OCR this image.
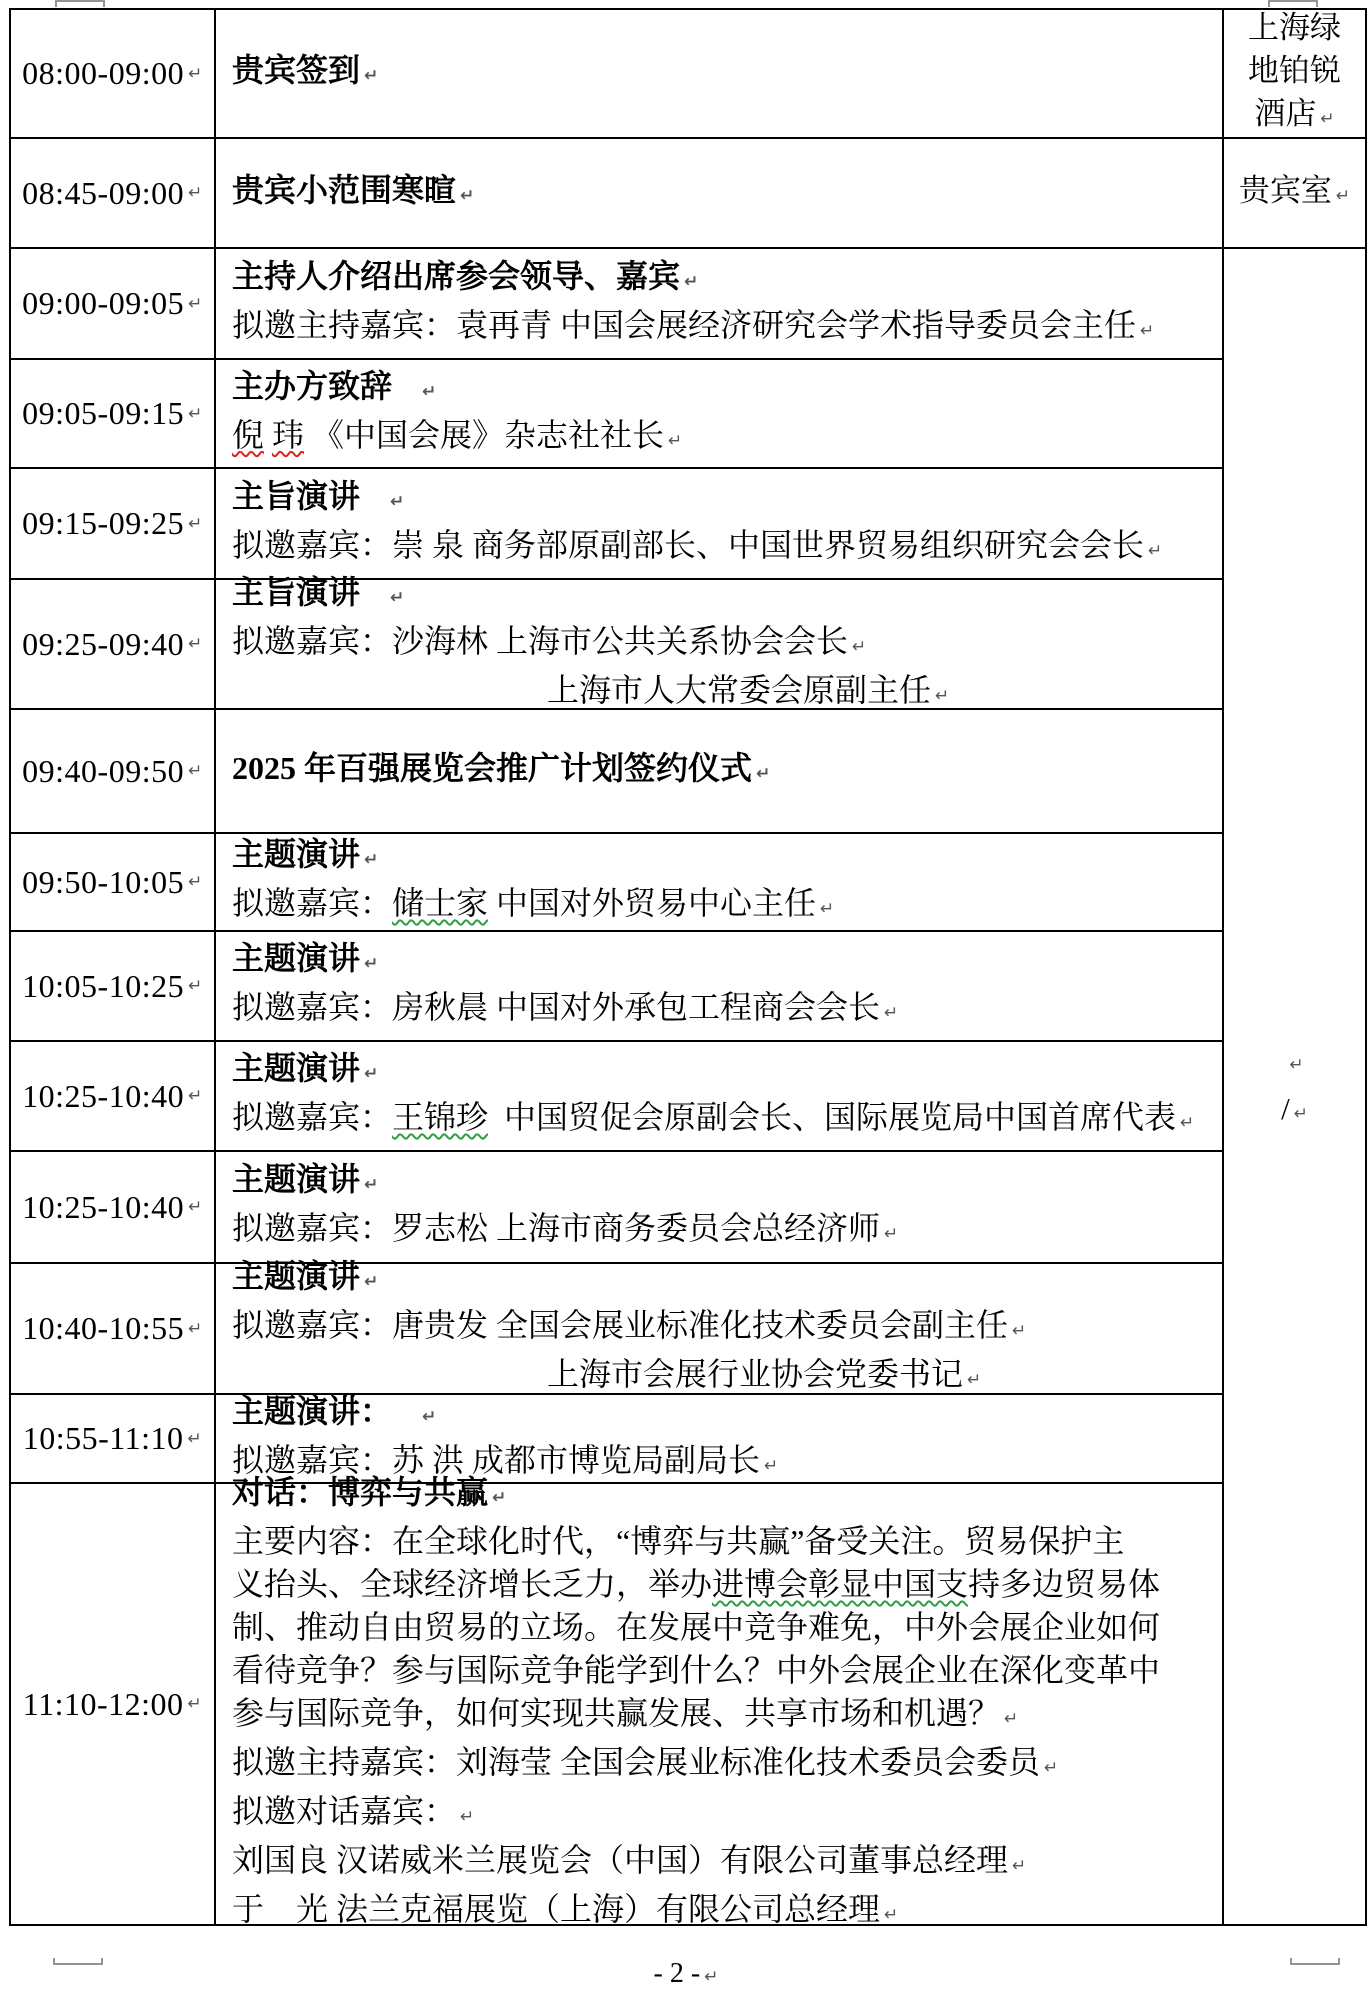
08:00-09:00 ↵ 贵宾签到 ↵
上海绿地铂锐酒店 ↵
08:45-09:00 ↵ 贵宾小范围寒暄 ↵	贵宾室 ↵
09:00-09:05 ↵
主持人介绍出席参会领导、嘉宾 ↵
拟邀主持嘉宾：袁再青 中国会展经济研究会学术指导委员会主任 ↵
09:05-09:15 ↵
主办方致辞 ↵
倪 玮 《中国会展》杂志社社长 ↵
09:15-09:25 ↵
主旨演讲 ↵
拟邀嘉宾：崇 泉 商务部原副部长、中国世界贸易组织研究会会长 ↵
09:25-09:40 ↵
主旨演讲 ↵
拟邀嘉宾：沙海林 上海市公共关系协会会长 ↵
上海市人大常委会原副主任 ↵
09:40-09:50 ↵ 2025 年百强展览会推广计划签约仪式 ↵
09:50-10:05 ↵
主题演讲 ↵
拟邀嘉宾：储士家 中国对外贸易中心主任 ↵
10:05-10:25 ↵
主题演讲 ↵
拟邀嘉宾：房秋晨 中国对外承包工程商会会长 ↵
10:25-10:40 ↵
主题演讲 ↵
拟邀嘉宾：王锦珍  中国贸促会原副会长、国际展览局中国首席代表 ↵
10:25-10:40 ↵
主题演讲 ↵
拟邀嘉宾：罗志松 上海市商务委员会总经济师 ↵
10:40-10:55 ↵
主题演讲 ↵
拟邀嘉宾：唐贵发 全国会展业标准化技术委员会副主任 ↵
上海市会展行业协会党委书记 ↵
10:55-11:10 ↵
主题演讲： ↵
拟邀嘉宾：苏 洪 成都市博览局副局长 ↵
11:10-12:00 ↵
对话：博弈与共赢 ↵
主要内容：在全球化时代，“博弈与共赢”备受关注。贸易保护主
义抬头、全球经济增长乏力，举办进博会彰显中国支持多边贸易体
制、推动自由贸易的立场。在发展中竞争难免，中外会展企业如何
看待竞争？参与国际竞争能学到什么？中外会展企业在深化变革中
参与国际竞争，如何实现共赢发展、共享市场和机遇？ ↵
拟邀主持嘉宾：刘海莹 全国会展业标准化技术委员会委员 ↵
拟邀对话嘉宾： ↵
刘国良 汉诺威米兰展览会（中国）有限公司董事总经理 ↵
于　光 法兰克福展览（上海）有限公司总经理 ↵
↵
/ ↵
- 2 - ↵
